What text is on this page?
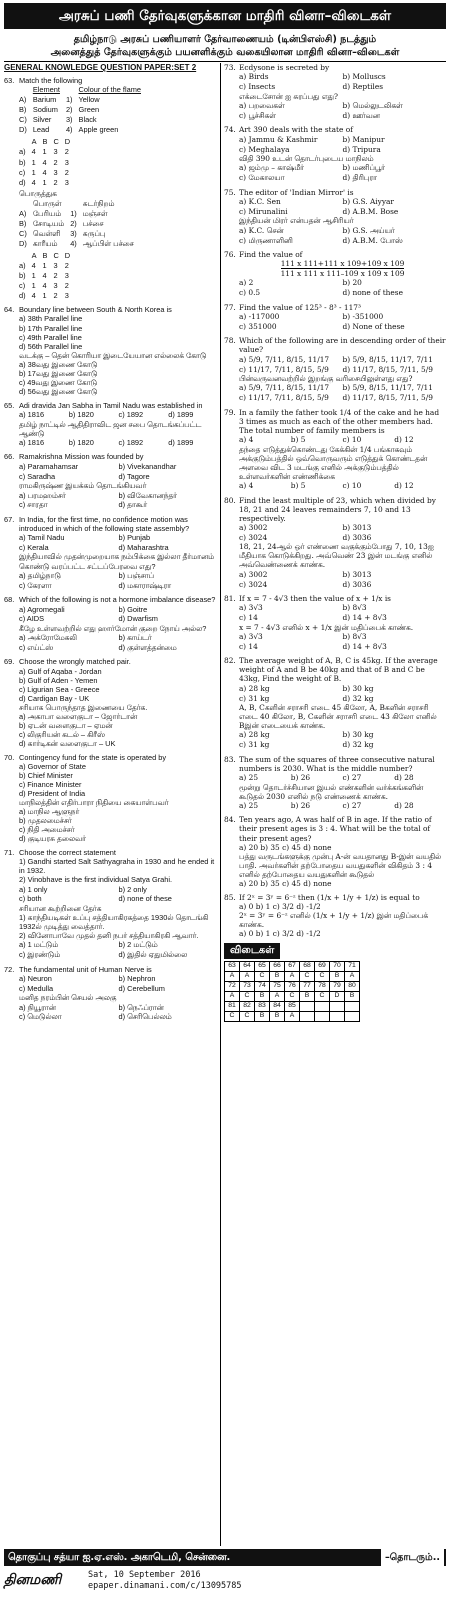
அரசுப் பணி தேர்வுகளுக்கான மாதிரி வினா–விடைகள்
தமிழ்நாடு அரசுப் பணியாளர் தேர்வாணையம் (டின்பிஎஸ்சி) நடத்தும்
அனைத்துத் தேர்வுகளுக்கும் பயனளிக்கும் வகையிலான மாதிரி வினா–விடைகள்
GENERAL KNOWLEDGE QUESTION PAPER:SET 2
63. Match the following
	Element		Colour of the flame
A)	Barium	1)	Yellow
B)	Sodium	2)	Green
C)	Silver	3)	Black
D)	Lead	4)	Apple green
	A	B	C	D
a)	4	1	3	2
b)	1	4	2	3
c)	1	4	3	2
d)	4	1	2	3
பொருத்துக
	பொருள்		சுடர்நிறம்
A)	பேரியம்	1)	மஞ்சள்
B)	சோடியம்	2)	பச்சை
C)	வெள்ளி	3)	கருப்பு
D)	காரீயம்	4)	ஆப்பிள் பச்சை
	A	B	C	D
a)	4	1	3	2
b)	1	4	2	3
c)	1	4	3	2
d)	4	1	2	3
64. Boundary line between South & North Korea is
a) 38th Parallel line
b) 17th Parallel line
c) 49th Parallel line
d) 56th Parallel line
வடக்கு – தென் கொரியா இடையேயான எல்லைக் கோடு
a) 38வது இணை கோடு
b) 17வது இணை கோடு
c) 49வது இணை கோடு
d) 56வது இணை கோடு
65. Adi dravida Jan Sabha in Tamil Nadu was established in
a) 1816	b) 1820	c) 1892	d) 1899
தமிழ் நாட்டில் ஆதிதிராவிட ஜன சபை தொடங்கப்பட்ட ஆண்டு
a) 1816	b) 1820	c) 1892	d) 1899
66. Ramakrishna Mission was founded by
a) Paramahamsar	b) Vivekanandhar
c) Saradha	d) Tagore
ராமகிருஷ்ண இயக்கம் தொடங்கியவர்
a) பரமஹம்சர்	b) விவேகானந்தர்
c) சாரதா	d) தாகூர்
67. In India, for the first time, no confidence motion was introduced in which of the following state assembly?
a) Tamil Nadu	b) Punjab
c) Kerala	d) Maharashtra
இந்தியாவில் முதன்முறையாக நம்பிக்கை இல்லா தீர்மானம் கொண்டு வரப்பட்ட சட்டப்பேரவை எது?
a) தமிழ்நாடு	b) பஞ்சாப்
c) கேரளா	d) மகாராஷ்டிரா
68. Which of the following is not a hormone imbalance disease?
a) Agromegali	b) Goitre
c) AIDS	d) Dwarfism
கீழே உள்ளவற்றில் எது ஹார்மோன் குறை நோய் அல்ல?
a) அக்ரோமேகலி	b) காய்டர்
c) எய்ட்ஸ்	d) குள்ளத்தன்மை
69. Choose the wrongly matched pair.
a) Gulf of Aqaba - Jordan
b) Gulf of Aden - Yemen
c) Ligurian Sea - Greece
d) Cardigan Bay - UK
சரியாக பொருந்தாத இணையை தேர்க.
a) அகாபா வளைகுடா – ஜோர்டான்
b) ஏடன் வளைகுடா – ஏமன்
c) லிகுரியன் கடல் – கிரீஸ்
d) கார்டிகன் வளைகுடா – UK
70. Contingency fund for the state is operated by
a) Governor of State
b) Chief Minister
c) Finance Minister
d) President of India
மாநிலத்தின் எதிர்பாரா நிதியை கையாள்பவர்
a) மாநில ஆளுநர்
b) முதலமைச்சர்
c) நிதி அமைச்சர்
d) குடியரசு தலைவர்
71. Choose the correct statement
1) Gandhi started Salt Sathyagraha in 1930 and he ended it in 1932.
2) Vinobhave is the first individual Satya Grahi.
a) 1 only	b) 2 only
c) both	d) none of these
சரியான கூற்றினை தேர்க
1) காந்தியடிகள் உப்பு சத்தியாகிரகத்தை 1930ல் தொடங்கி 1932ல் முடித்து வைத்தார்.
2) வினோபாவே முதல் தனி நபர் சத்தியாகிரகி ஆவார்.
a) 1 மட்டும்	b) 2 மட்டும்
c) இரண்டும்	d) இதில் ஏதுமில்லை
72. The fundamental unit of Human Nerve is
a) Neuron	b) Nephron
c) Medulla	d) Cerebellum
மனித நரம்பின் செயல் அலகு
a) நியூரான்	b) நெஃப்ரான்
c) மெடுல்லா	d) செரிபெல்லம்
73. Ecdysone is secreted by
a) Birds	b) Molluscs
c) Insects	d) Reptiles
எக்டைசோன் ஐ சுரப்பது எது?
a) பறவைகள்	b) மெல்லுடலிகள்
c) பூச்சிகள்	d) ஊர்வன
74. Art 390 deals with the state of
a) Jammu & Kashmir	b) Manipur
c) Meghalaya	d) Tripura
விதி 390 உடன் தொடர்புடைய மாநிலம்
a) ஜம்மு – காஷ்மீர்	b) மணிப்பூர்
c) மேகாலயா	d) திரிபுரா
75. The editor of 'Indian Mirror' is
a) K.C. Sen	b) G.S. Aiyyar
c) Mirunalini	d) A.B.M. Bose
இந்தியன் மிரர் என்பதன் ஆசிரியர்
a) K.C. சென்	b) G.S. அய்யர்
c) மிருணாளினி	d) A.B.M. போஸ்
76. Find the value of
111 x 111+111 x 109+109 x 109
111 x 111 x 111–109 x 109 x 109
a) 2	b) 20
c) 0.5	d) none of these
77. Find the value of 125³ - 8³ - 117³
a) -117000	b) -351000
c) 351000	d) None of these
78. Which of the following are in descending order of their value?
a) 5/9, 7/11, 8/15, 11/17	b) 5/9, 8/15, 11/17, 7/11
c) 11/17, 7/11, 8/15, 5/9	d) 11/17, 8/15, 7/11, 5/9
பின்வருவனவற்றில் இறங்கு வரிசையிலுள்ளது எது?
a) 5/9, 7/11, 8/15, 11/17	b) 5/9, 8/15, 11/17, 7/11
c) 11/17, 7/11, 8/15, 5/9	d) 11/17, 8/15, 7/11, 5/9
79. In a family the father took 1/4 of the cake and he had 3 times as much as each of the other members had. The total number of family members is
a) 4	b) 5	c) 10	d) 12
தந்தை எடுத்துக்கொண்டது கேக்கின் 1/4 பங்காகவும் அக்குடும்பத்தில் ஒவ்வொருவரும் எடுத்துக் கொண்டதன் அளவை விட 3 மடங்கு எனில் அக்குடும்பத்தில் உள்ளவர்களின் எண்ணிக்கை
a) 4	b) 5	c) 10	d) 12
80. Find the least multiple of 23, which when divided by 18, 21 and 24 leaves remainders 7, 10 and 13 respectively.
a) 3002	b) 3013
c) 3024	d) 3036
18, 21, 24ஆல் ஒர் எண்ணை வகுக்கும்போது 7, 10, 13ஐ மீதியாக கொடுக்கிறது. அவ்வெண் 23 இன் மடங்கு எனில் அவ்வெண்ணைக் காண்க.
a) 3002	b) 3013
c) 3024	d) 3036
81. If x = 7 - 4√3 then the value of x + 1/x is
a) 3√3	b) 8√3
c) 14	d) 14 + 8√3
x = 7 - 4√3 எனில் x + 1/x இன் மதிப்பைக் காண்க.
a) 3√3	b) 8√3
c) 14	d) 14 + 8√3
82. The average weight of A, B, C is 45kg. If the average weight of A and B be 40kg and that of B and C be 43kg, Find the weight of B.
a) 28 kg	b) 30 kg
c) 31 kg	d) 32 kg
A, B, Cகளின் சராசரி எடை 45 கிலோ, A, Bகளின் சராசரி எடை 40 கிலோ, B, Cகளின் சராசரி எடை 43 கிலோ எனில் Bஇன் எடையைக் காண்க.
a) 28 kg	b) 30 kg
c) 31 kg	d) 32 kg
83. The sum of the squares of three consecutive natural numbers is 2030. What is the middle number?
a) 25	b) 26	c) 27	d) 28
மூன்று தொடர்ச்சியான இயல் எண்களின் வர்க்கங்களின் கூடுதல் 2030 எனில் நடு எண்ணைக் காண்க.
a) 25	b) 26	c) 27	d) 28
84. Ten years ago, A was half of B in age. If the ratio of their present ages is 3 : 4. What will be the total of their present ages?
a) 20 b) 35 c) 45 d) none
பத்து வருடங்களுக்கு முன்பு A-ன் வயதானது B-இன் வயதில் பாதி. அவர்களின் தற்போதைய வயதுகளின் விகிதம் 3 : 4 எனில் தற்போதைய வயதுகளின் கூடுதல்
a) 20 b) 35 c) 45 d) none
85. If 2ˣ = 3ʸ = 6⁻ᶻ then (1/x + 1/y + 1/z) is equal to
a) 0 b) 1 c) 3/2 d) -1/2
2ˣ = 3ʸ = 6⁻ᶻ எனில் (1/x + 1/y + 1/z) இன் மதிப்பைக் காண்க.
a) 0 b) 1 c) 3/2 d) -1/2
விடைகள்
63	64	65	66	67	68	69	70	71
A	A	C	B	A	C	C	B	A
72	73	74	75	76	77	78	79	80
A	C	B	A	C	B	C	D	B
81	82	83	84	85				
C	C	B	B	A				
தொகுப்பு சத்யா ஐ.ஏ.எஸ். அகாடெமி, சென்னை.	–தொடரும்..
தினமணி	Sat, 10 September 2016
epaper.dinamani.com/c/13095785
